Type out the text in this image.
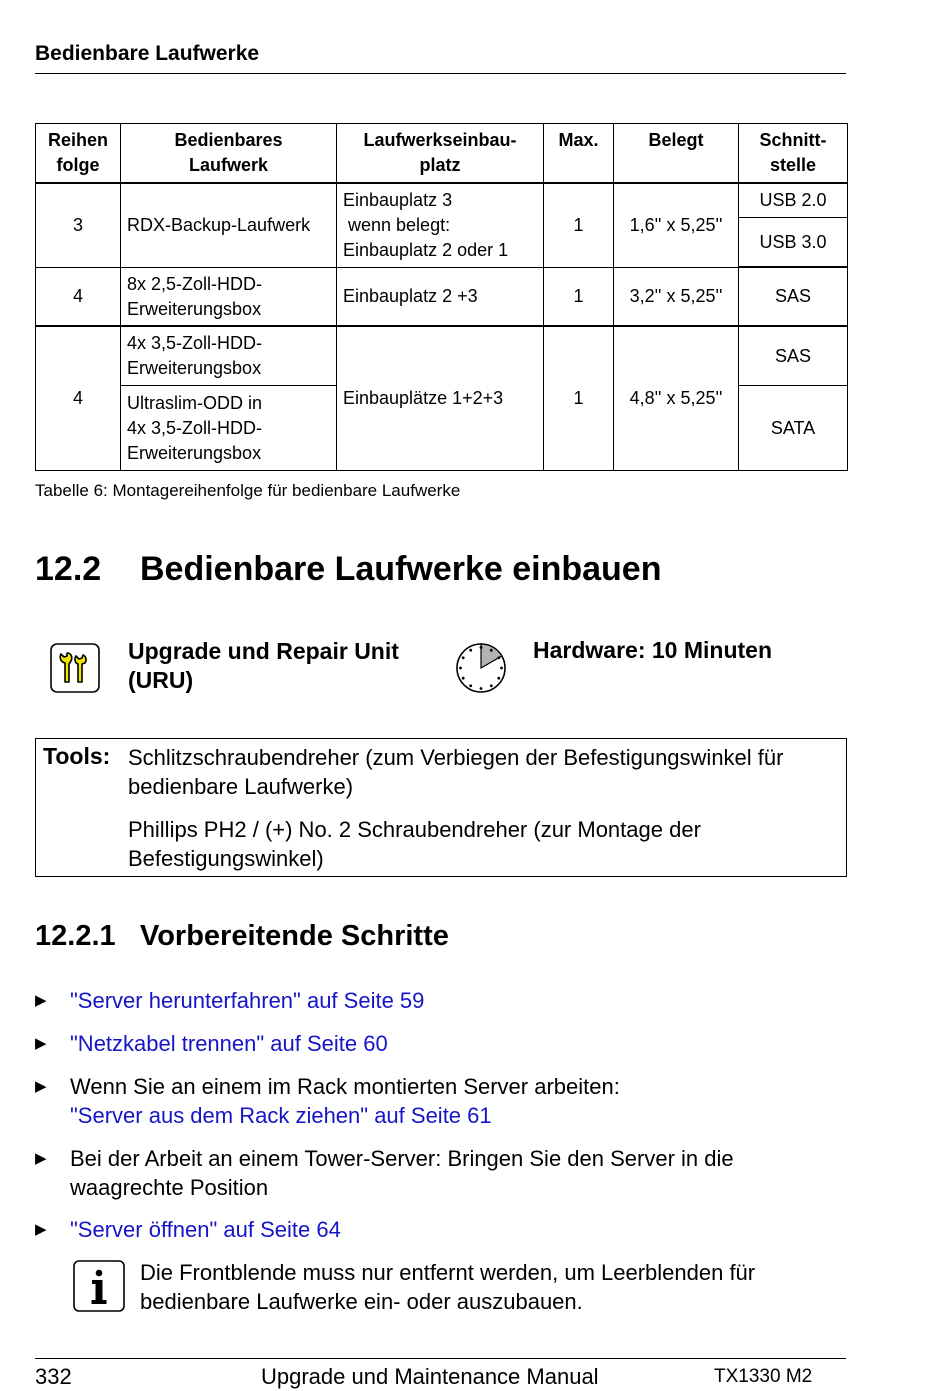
Bedienbare Laufwerke
Reihen
folge	Bedienbares
Laufwerk	Laufwerkseinbau-
platz	Max.	Belegt	Schnitt-
stelle
3	RDX-Backup-Laufwerk	Einbauplatz 3
wenn belegt:
Einbauplatz 2 oder 1	1	1,6'' x 5,25''	USB 2.0
					USB 3.0
4	8x 2,5-Zoll-HDD-
Erweiterungsbox	Einbauplatz 2 +3	1	3,2'' x 5,25''	SAS
4	4x 3,5-Zoll-HDD-
Erweiterungsbox	Einbauplätze 1+2+3	1	4,8'' x 5,25''	SAS
	Ultraslim-ODD in
4x 3,5-Zoll-HDD-
Erweiterungsbox				SATA
Tabelle 6: Montagereihenfolge für bedienbare Laufwerke
12.2 Bedienbare Laufwerke einbauen
Upgrade und Repair Unit
(URU)
Hardware: 10 Minuten
Tools: Schlitzschraubendreher (zum Verbiegen der Befestigungswinkel für bedienbare Laufwerke)
Phillips PH2 / (+) No. 2 Schraubendreher (zur Montage der Befestigungswinkel)
12.2.1 Vorbereitende Schritte
▶ "Server herunterfahren" auf Seite 59
▶ "Netzkabel trennen" auf Seite 60
▶ Wenn Sie an einem im Rack montierten Server arbeiten:
"Server aus dem Rack ziehen" auf Seite 61
▶ Bei der Arbeit an einem Tower-Server: Bringen Sie den Server in die waagrechte Position
▶ "Server öffnen" auf Seite 64
Die Frontblende muss nur entfernt werden, um Leerblenden für bedienbare Laufwerke ein- oder auszubauen.
332	Upgrade und Maintenance Manual	TX1330 M2
